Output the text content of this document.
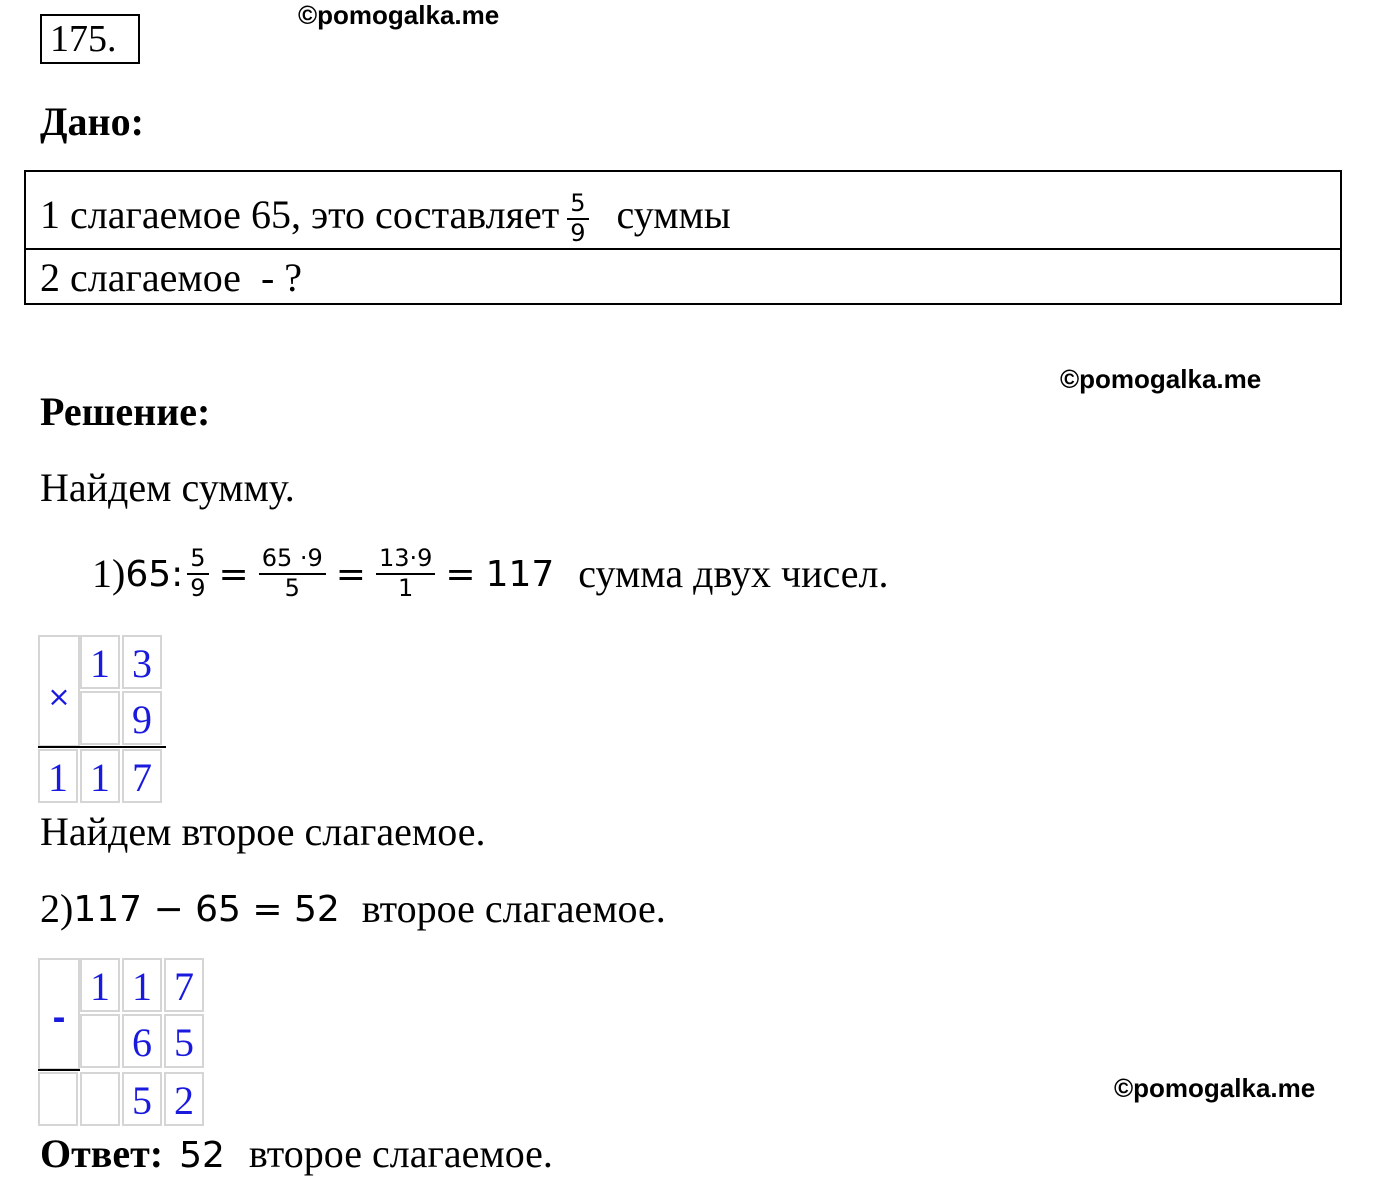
175.
©pomogalka.me
©pomogalka.me
©pomogalka.me
Дано:
1 слагаемое 65, это составляет $\frac{5}{9}$ суммы
2 слагаемое  - ?
Решение:
Найдем сумму.
1) 65: $\frac{5}{9} = \frac{65 \cdot 9}{5} = \frac{13\cdot 9}{1} = 117$ сумма двух чисел.
×
1 3
9
1 1 7
Найдем второе слагаемое.
2) 117 − 65 = 52 второе слагаемое.
-
1 1 7
6 5
5 2
Ответ: 52 второе слагаемое.
